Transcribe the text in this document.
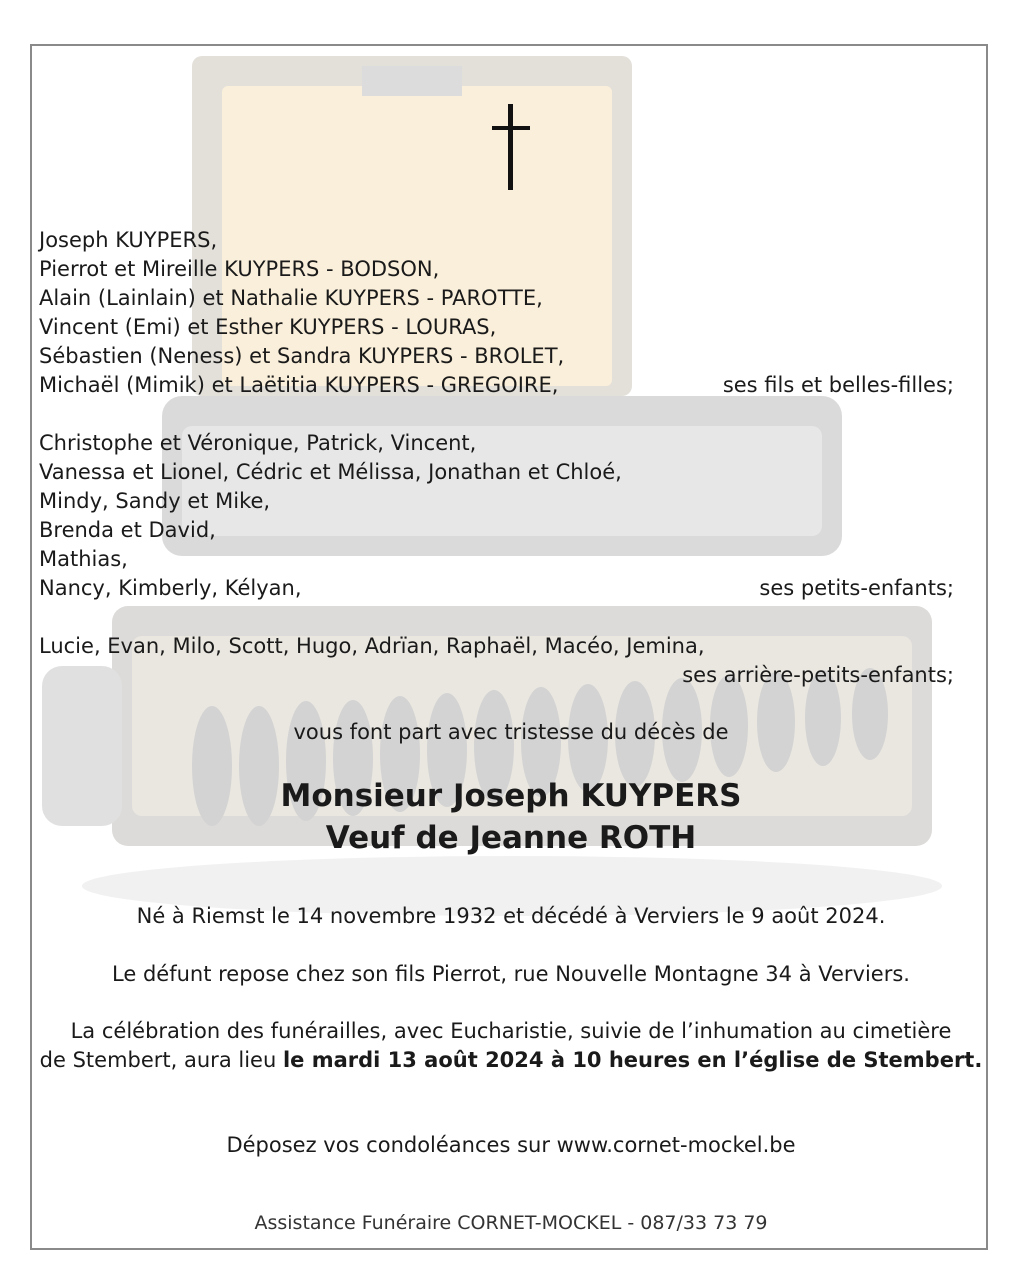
Joseph KUYPERS,
Pierrot et Mireille KUYPERS - BODSON,
Alain (Lainlain) et Nathalie KUYPERS - PAROTTE,
Vincent (Emi) et Esther KUYPERS - LOURAS,
Sébastien (Neness) et Sandra KUYPERS - BROLET,
Michaël (Mimik) et Laëtitia KUYPERS - GREGOIRE,	ses fils et belles-filles;
Christophe et Véronique, Patrick, Vincent,
Vanessa et Lionel, Cédric et Mélissa, Jonathan et Chloé,
Mindy, Sandy et Mike,
Brenda et David,
Mathias,
Nancy, Kimberly, Kélyan,	ses petits-enfants;
Lucie, Evan, Milo, Scott, Hugo, Adrïan, Raphaël, Macéo, Jemina,
ses arrière-petits-enfants;
vous font part avec tristesse du décès de
Monsieur Joseph KUYPERS
Veuf de Jeanne ROTH
Né à Riemst le 14 novembre 1932 et décédé à Verviers le 9 août 2024.
Le défunt repose chez son fils Pierrot, rue Nouvelle Montagne 34 à Verviers.
La célébration des funérailles, avec Eucharistie, suivie de l’inhumation au cimetière
de Stembert, aura lieu le mardi 13 août 2024 à 10 heures en l’église de Stembert.
Déposez vos condoléances sur www.cornet-mockel.be
Assistance Funéraire CORNET-MOCKEL - 087/33 73 79
